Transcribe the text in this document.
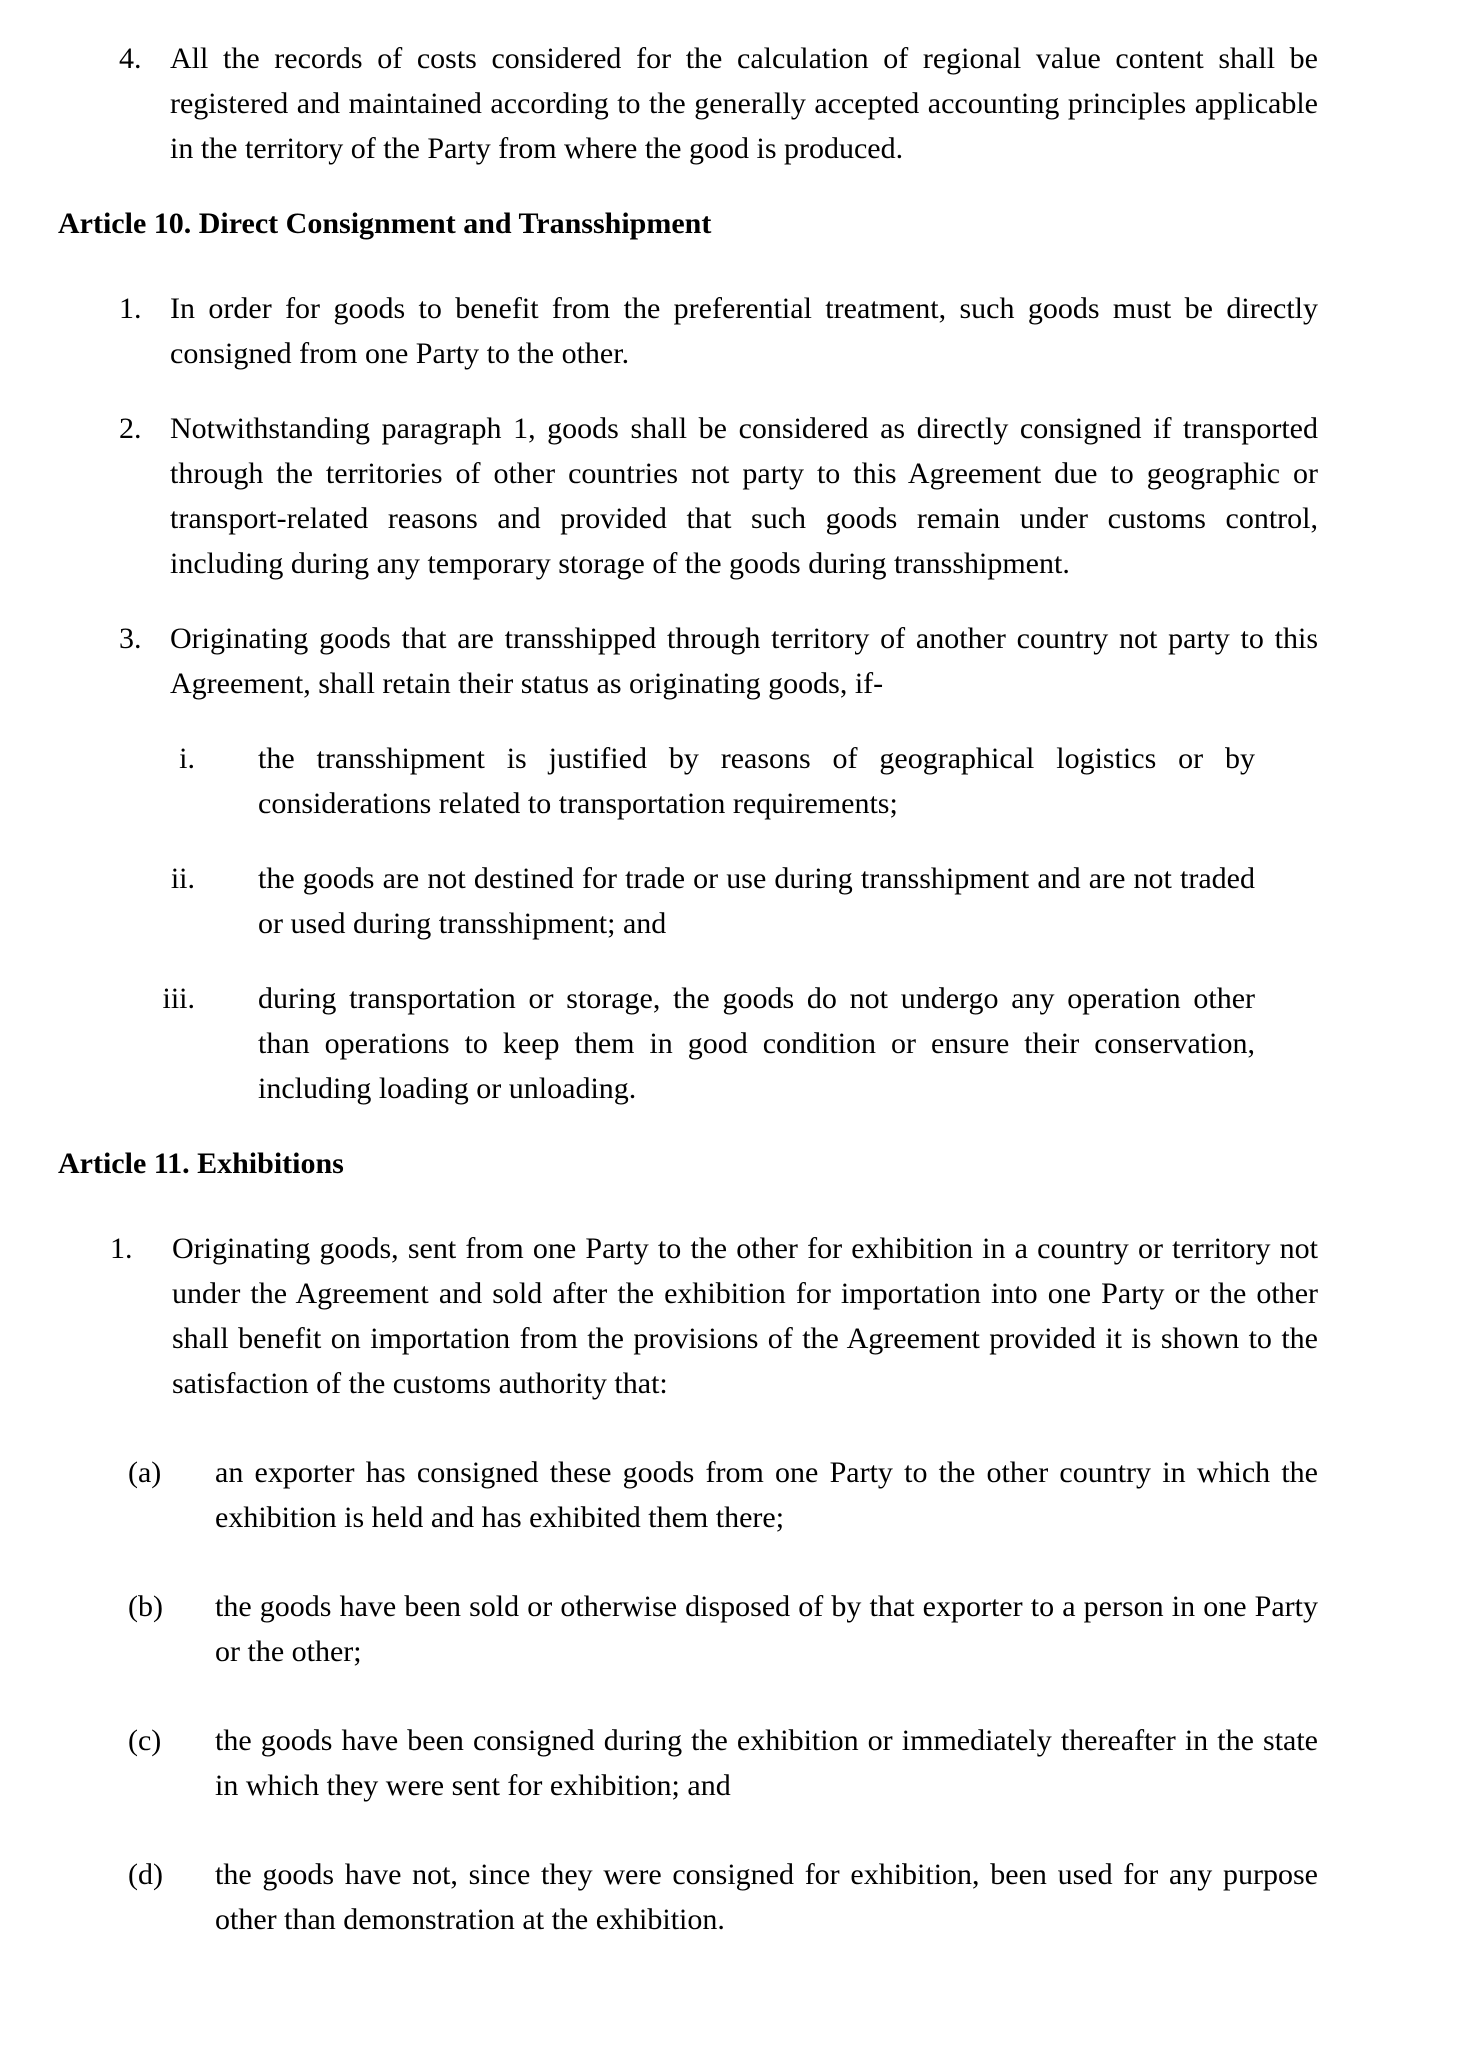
4. All the records of costs considered for the calculation of regional value content shall be registered and maintained according to the generally accepted accounting principles applicable in the territory of the Party from where the good is produced.
Article 10. Direct Consignment and Transshipment
1. In order for goods to benefit from the preferential treatment, such goods must be directly consigned from one Party to the other.
2. Notwithstanding paragraph 1, goods shall be considered as directly consigned if transported through the territories of other countries not party to this Agreement due to geographic or transport-related reasons and provided that such goods remain under customs control, including during any temporary storage of the goods during transshipment.
3. Originating goods that are transshipped through territory of another country not party to this Agreement, shall retain their status as originating goods, if-
i.	the transshipment is justified by reasons of geographical logistics or by considerations related to transportation requirements;
ii.	the goods are not destined for trade or use during transshipment and are not traded or used during transshipment; and
iii.	during transportation or storage, the goods do not undergo any operation other than operations to keep them in good condition or ensure their conservation, including loading or unloading.
Article 11. Exhibitions
1.	Originating goods, sent from one Party to the other for exhibition in a country or territory not under the Agreement and sold after the exhibition for importation into one Party or the other shall benefit on importation from the provisions of the Agreement provided it is shown to the satisfaction of the customs authority that:
(a)	an exporter has consigned these goods from one Party to the other country in which the exhibition is held and has exhibited them there;
(b)	the goods have been sold or otherwise disposed of by that exporter to a person in one Party or the other;
(c)	the goods have been consigned during the exhibition or immediately thereafter in the state in which they were sent for exhibition; and
(d)	the goods have not, since they were consigned for exhibition, been used for any purpose other than demonstration at the exhibition.
